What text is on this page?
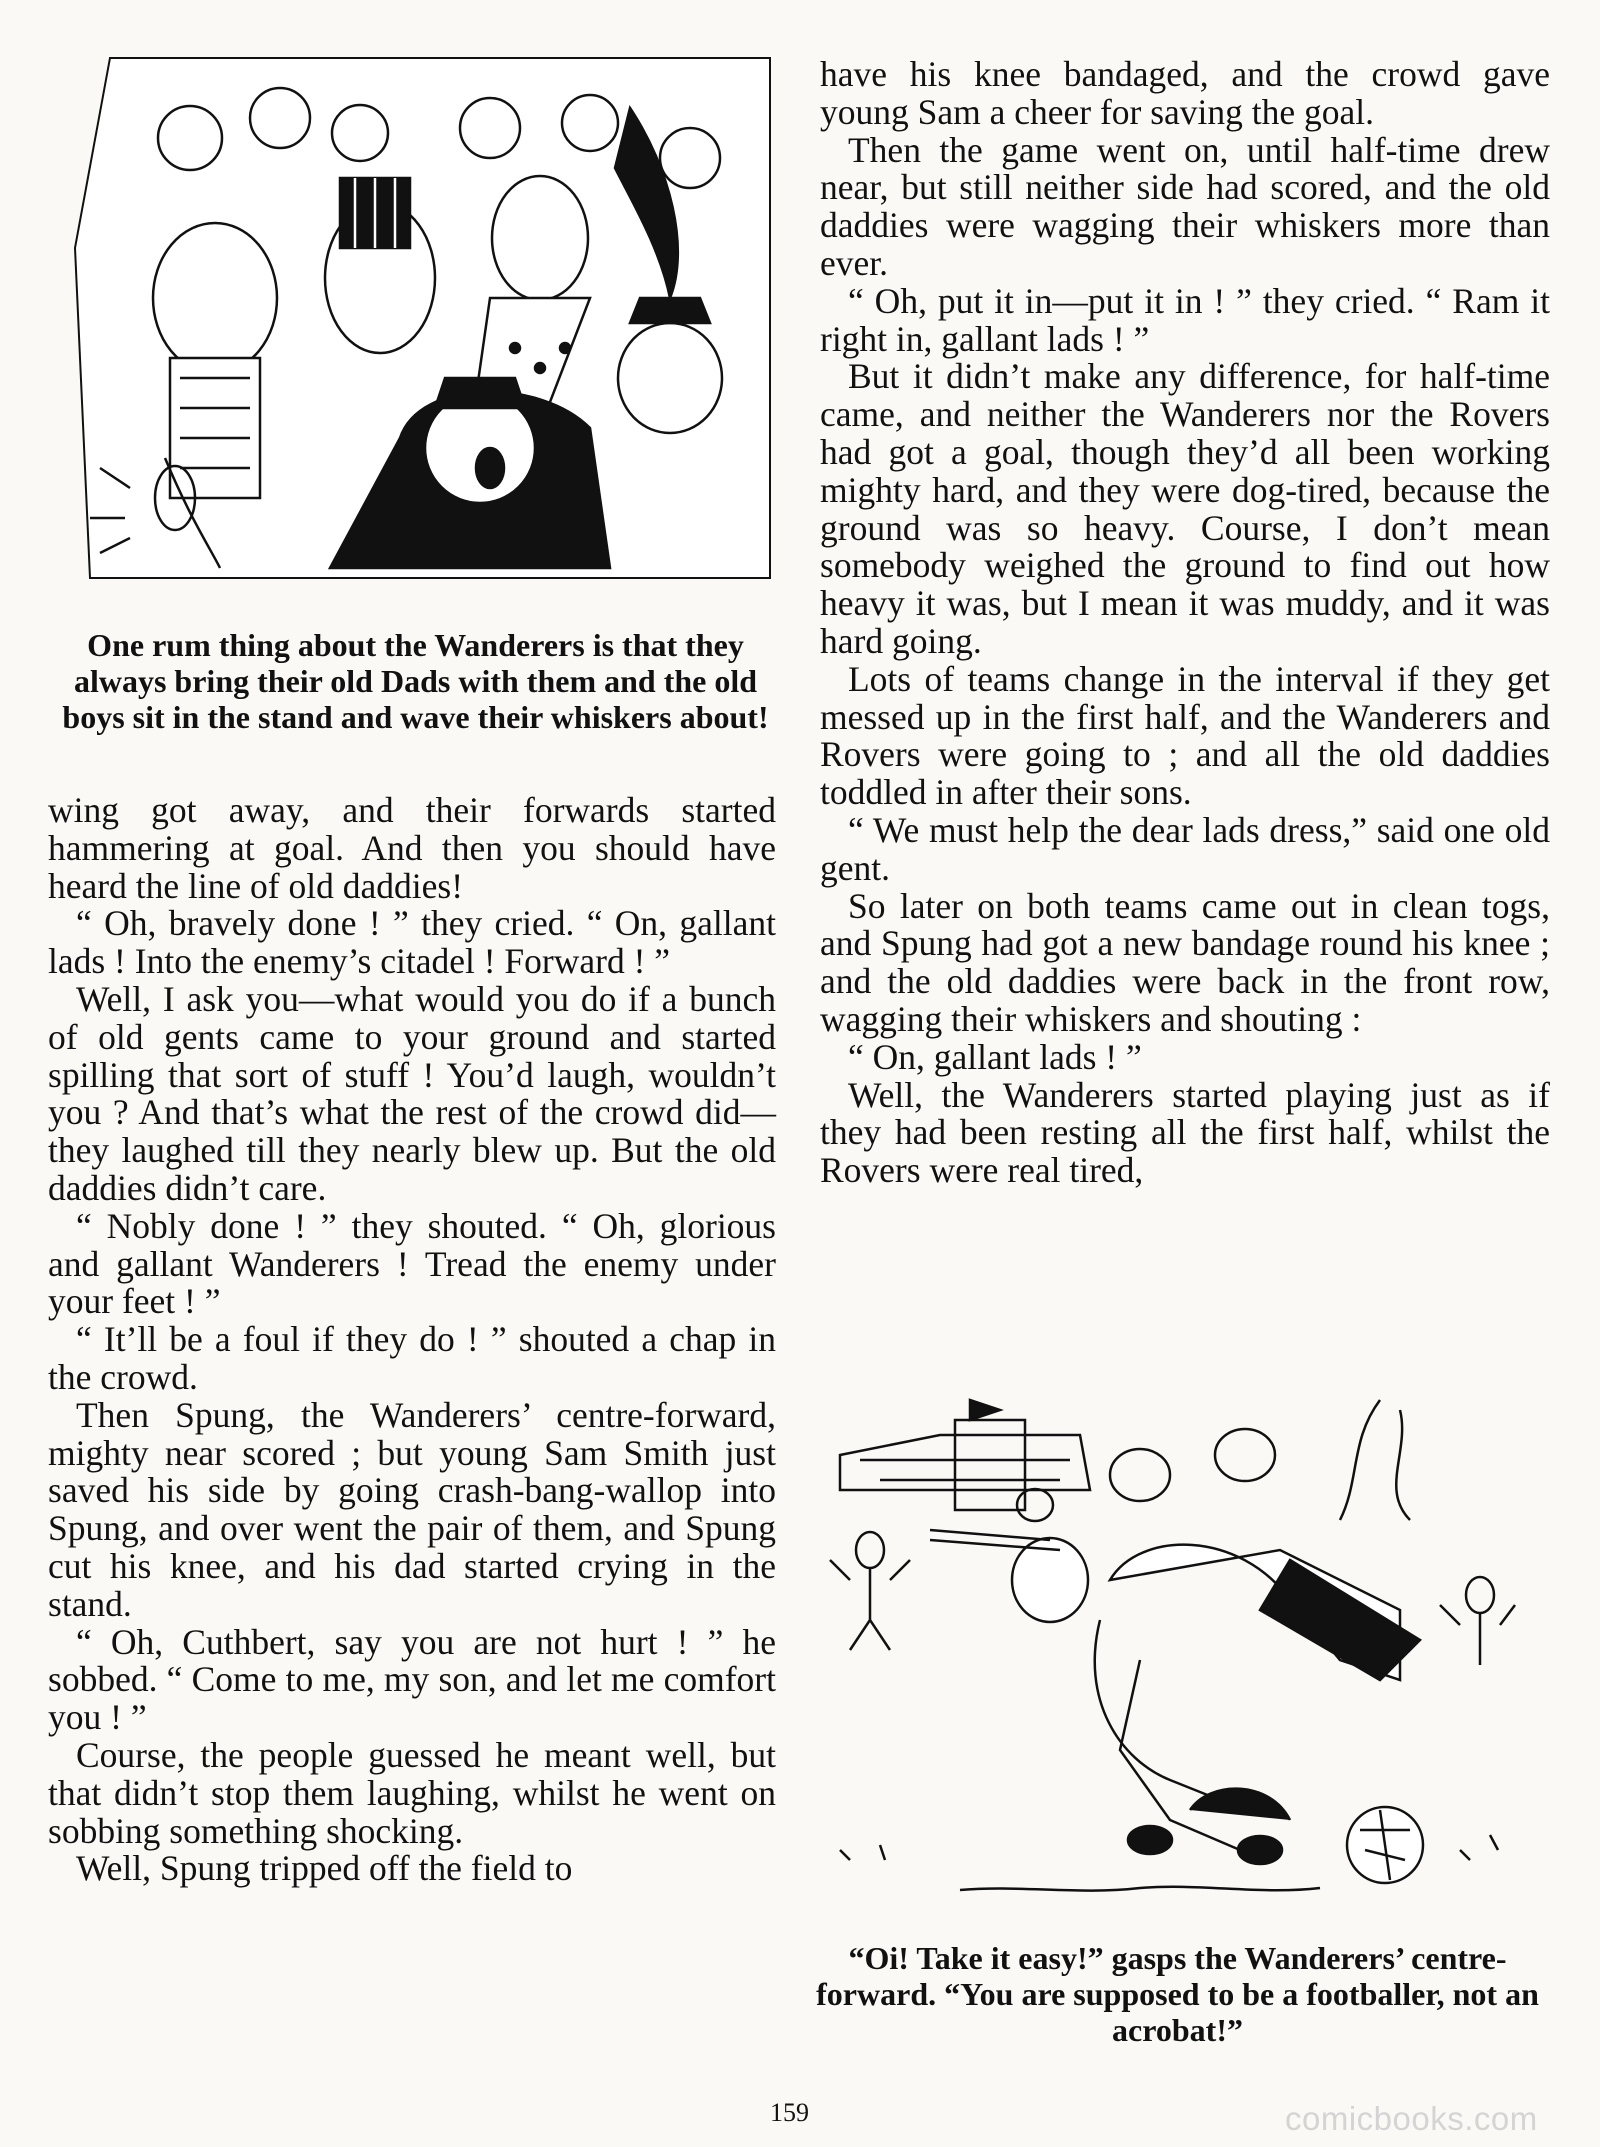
One rum thing about the Wanderers is that they always bring their old Dads with them and the old boys sit in the stand and wave their whiskers about!

wing got away, and their forwards started hammering at goal. And then you should have heard the line of old daddies!

“ Oh, bravely done ! ” they cried. “ On, gallant lads ! Into the enemy’s citadel ! Forward ! ”

Well, I ask you—what would you do if a bunch of old gents came to your ground and started spilling that sort of stuff ! You’d laugh, wouldn’t you ? And that’s what the rest of the crowd did—they laughed till they nearly blew up. But the old daddies didn’t care.

“ Nobly done ! ” they shouted. “ Oh, glorious and gallant Wanderers ! Tread the enemy under your feet ! ”

“ It’ll be a foul if they do ! ” shouted a chap in the crowd.

Then Spung, the Wanderers’ centre-forward, mighty near scored ; but young Sam Smith just saved his side by going crash-bang-wallop into Spung, and over went the pair of them, and Spung cut his knee, and his dad started crying in the stand.

“ Oh, Cuthbert, say you are not hurt ! ” he sobbed. “ Come to me, my son, and let me comfort you ! ”

Course, the people guessed he meant well, but that didn’t stop them laughing, whilst he went on sobbing something shocking.

Well, Spung tripped off the field to

have his knee bandaged, and the crowd gave young Sam a cheer for saving the goal.

Then the game went on, until half-time drew near, but still neither side had scored, and the old daddies were wagging their whiskers more than ever.

“ Oh, put it in—put it in ! ” they cried. “ Ram it right in, gallant lads ! ”

But it didn’t make any difference, for half-time came, and neither the Wanderers nor the Rovers had got a goal, though they’d all been working mighty hard, and they were dog-tired, because the ground was so heavy. Course, I don’t mean somebody weighed the ground to find out how heavy it was, but I mean it was muddy, and it was hard going.

Lots of teams change in the interval if they get messed up in the first half, and the Wanderers and Rovers were going to ; and all the old daddies toddled in after their sons.

“ We must help the dear lads dress,” said one old gent.

So later on both teams came out in clean togs, and Spung had got a new bandage round his knee ; and the old daddies were back in the front row, wagging their whiskers and shouting :

“ On, gallant lads ! ”

Well, the Wanderers started playing just as if they had been resting all the first half, whilst the Rovers were real tired,

“Oi! Take it easy!” gasps the Wanderers’ centre-forward. “You are supposed to be a footballer, not an acrobat!”
159	comicbooks.com
